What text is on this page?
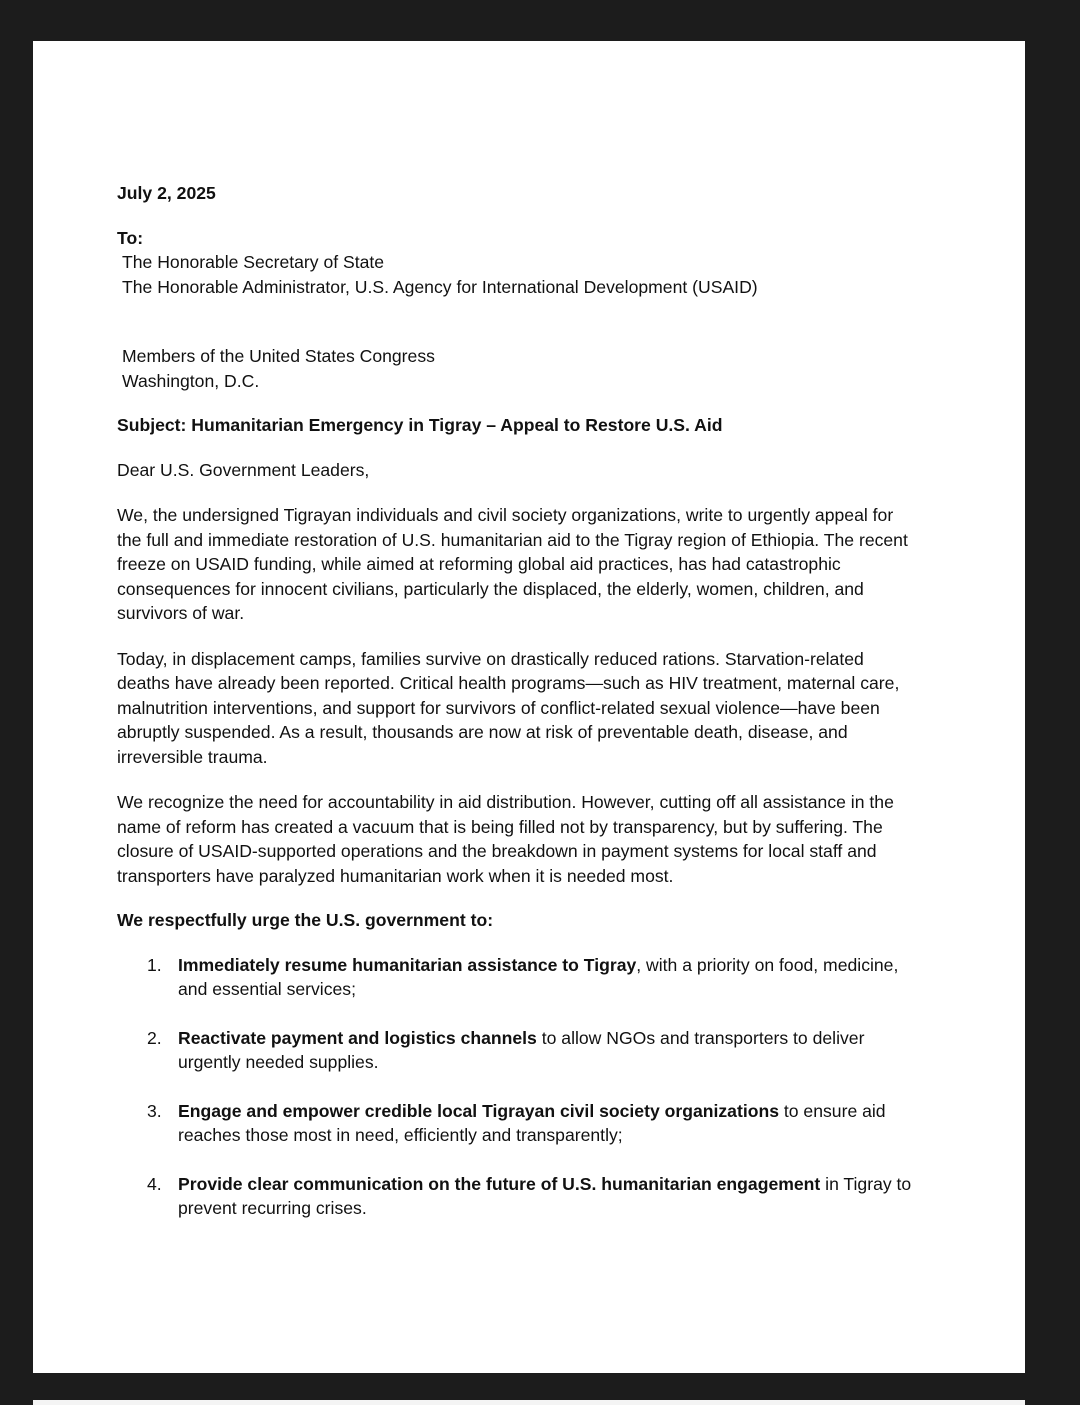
July 2, 2025

To:

The Honorable Secretary of State

The Honorable Administrator, U.S. Agency for International Development (USAID)

Members of the United States Congress

Washington, D.C.

Subject: Humanitarian Emergency in Tigray – Appeal to Restore U.S. Aid

Dear U.S. Government Leaders,

We, the undersigned Tigrayan individuals and civil society organizations, write to urgently appeal for the full and immediate restoration of U.S. humanitarian aid to the Tigray region of Ethiopia. The recent freeze on USAID funding, while aimed at reforming global aid practices, has had catastrophic consequences for innocent civilians, particularly the displaced, the elderly, women, children, and survivors of war.

Today, in displacement camps, families survive on drastically reduced rations. Starvation-related deaths have already been reported. Critical health programs—such as HIV treatment, maternal care, malnutrition interventions, and support for survivors of conflict-related sexual violence—have been abruptly suspended. As a result, thousands are now at risk of preventable death, disease, and irreversible trauma.

We recognize the need for accountability in aid distribution. However, cutting off all assistance in the name of reform has created a vacuum that is being filled not by transparency, but by suffering. The closure of USAID-supported operations and the breakdown in payment systems for local staff and transporters have paralyzed humanitarian work when it is needed most.

We respectfully urge the U.S. government to:

1. Immediately resume humanitarian assistance to Tigray, with a priority on food, medicine, and essential services;
2. Reactivate payment and logistics channels to allow NGOs and transporters to deliver urgently needed supplies.
3. Engage and empower credible local Tigrayan civil society organizations to ensure aid reaches those most in need, efficiently and transparently;
4. Provide clear communication on the future of U.S. humanitarian engagement in Tigray to prevent recurring crises.
